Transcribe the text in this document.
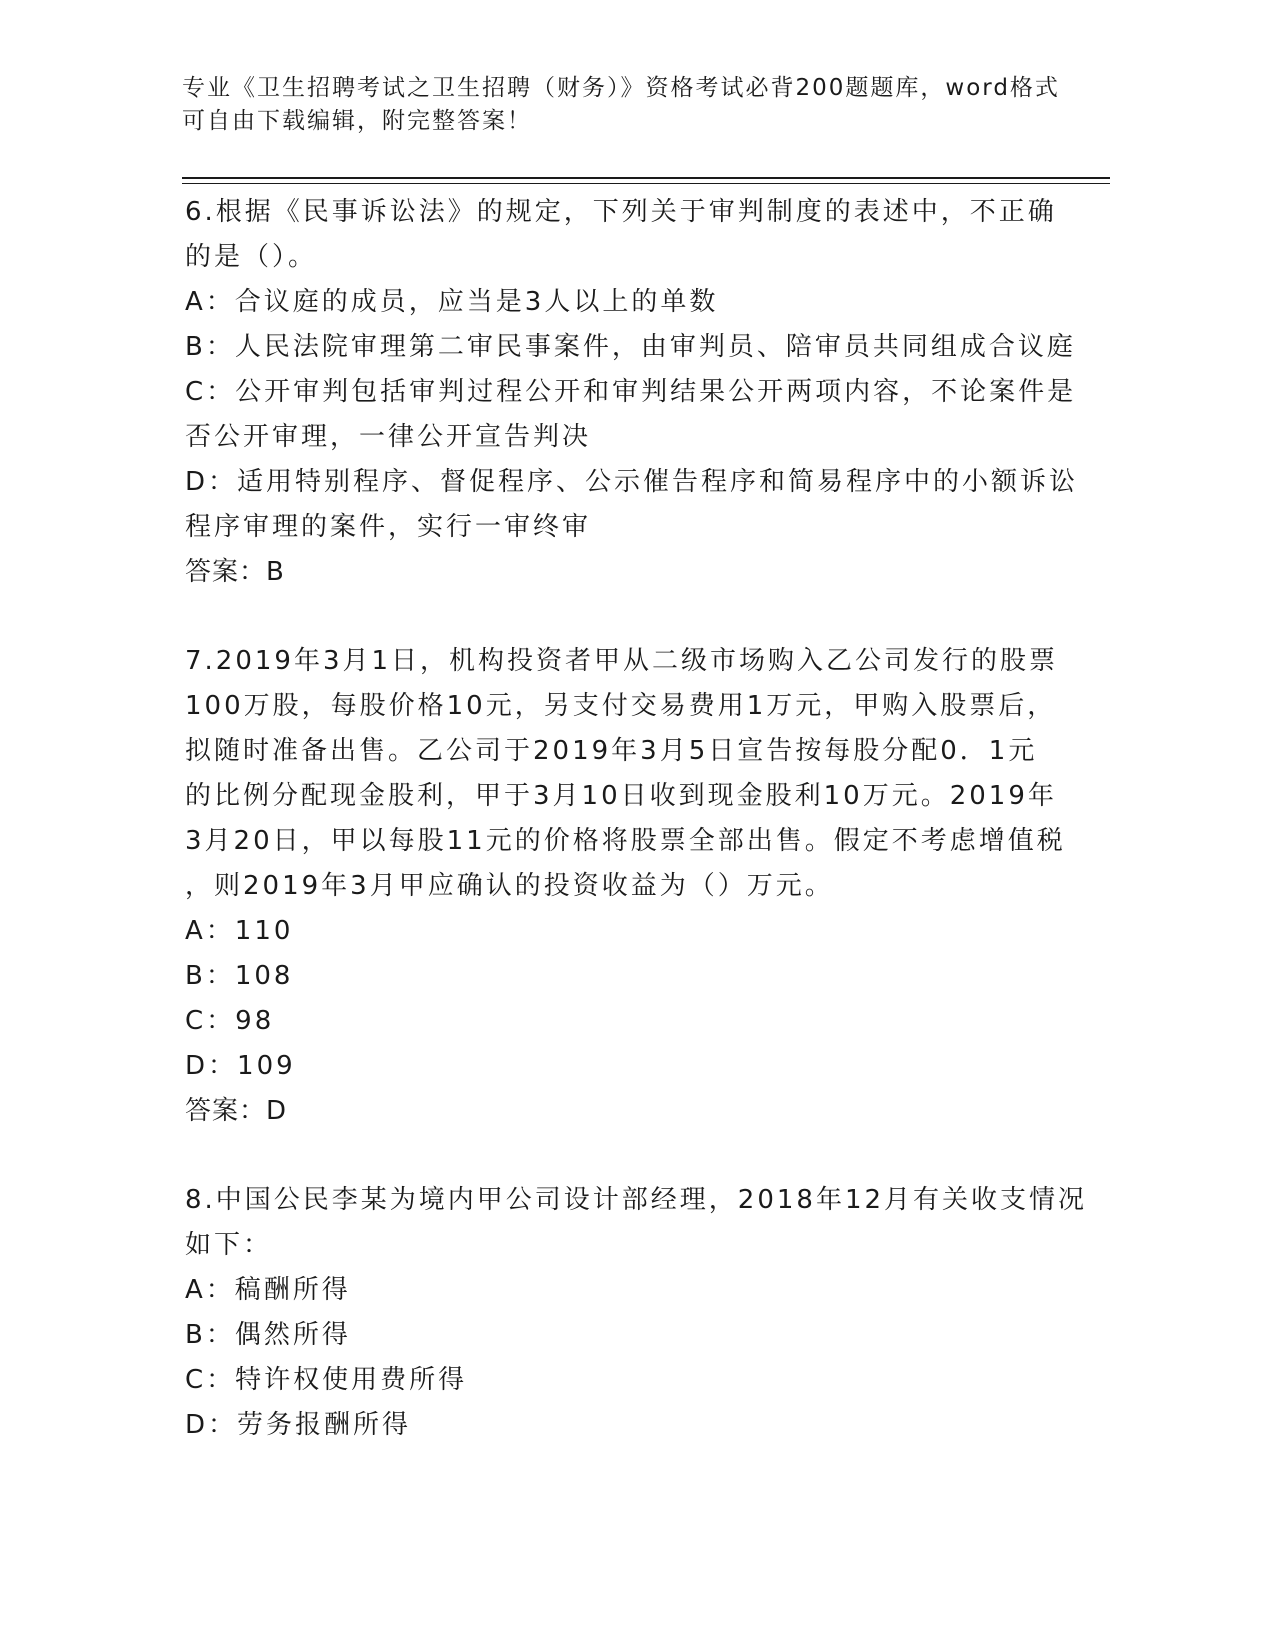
专业《卫生招聘考试之卫生招聘（财务）》资格考试必背200题题库，word格式
可自由下载编辑，附完整答案！
6.根据《民事诉讼法》的规定，下列关于审判制度的表述中，不正确
的是（）。
A：合议庭的成员，应当是3人以上的单数
B：人民法院审理第二审民事案件，由审判员、陪审员共同组成合议庭
C：公开审判包括审判过程公开和审判结果公开两项内容，不论案件是
否公开审理，一律公开宣告判决
D：适用特别程序、督促程序、公示催告程序和简易程序中的小额诉讼
程序审理的案件，实行一审终审
答案：B
7.2019年3月1日，机构投资者甲从二级市场购入乙公司发行的股票
100万股，每股价格10元，另支付交易费用1万元，甲购入股票后，
拟随时准备出售。乙公司于2019年3月5日宣告按每股分配0．1元
的比例分配现金股利，甲于3月10日收到现金股利10万元。2019年
3月20日，甲以每股11元的价格将股票全部出售。假定不考虑增值税
，则2019年3月甲应确认的投资收益为（）万元。
A：110
B：108
C：98
D：109
答案：D
8.中国公民李某为境内甲公司设计部经理，2018年12月有关收支情况
如下：
A：稿酬所得
B：偶然所得
C：特许权使用费所得
D：劳务报酬所得
